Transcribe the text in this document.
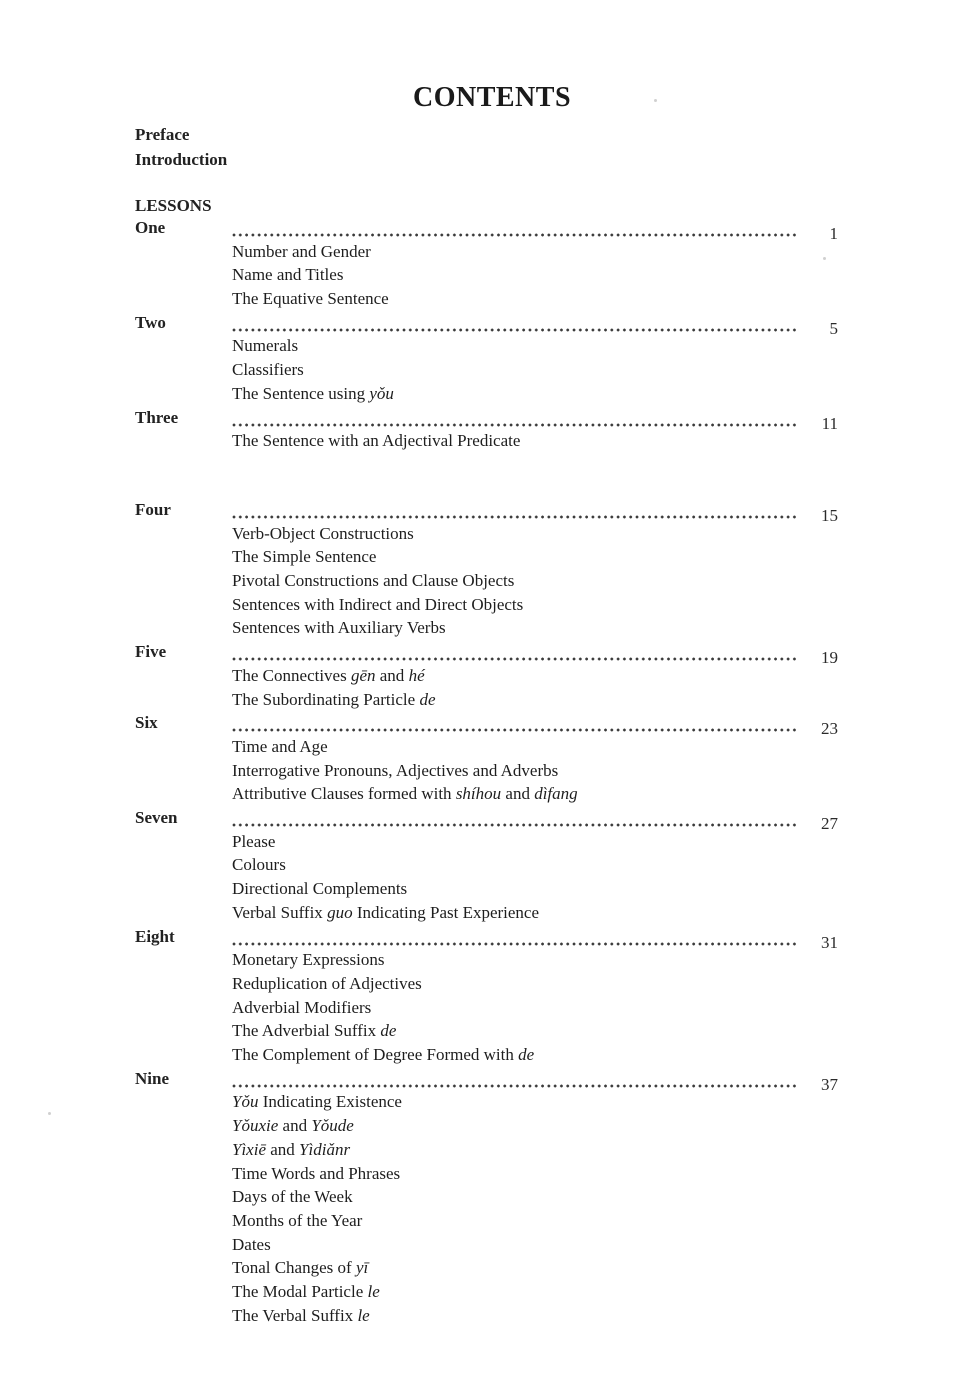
CONTENTS
Preface
Introduction
LESSONS
One	1
Number and Gender
Name and Titles
The Equative Sentence
Two	5
Numerals
Classifiers
The Sentence using yǒu
Three	11
The Sentence with an Adjectival Predicate
Four	15
Verb-Object Constructions
The Simple Sentence
Pivotal Constructions and Clause Objects
Sentences with Indirect and Direct Objects
Sentences with Auxiliary Verbs
Five	19
The Connectives gēn and hé
The Subordinating Particle de
Six	23
Time and Age
Interrogative Pronouns, Adjectives and Adverbs
Attributive Clauses formed with shíhou and dìfang
Seven	27
Please
Colours
Directional Complements
Verbal Suffix guo Indicating Past Experience
Eight	31
Monetary Expressions
Reduplication of Adjectives
Adverbial Modifiers
The Adverbial Suffix de
The Complement of Degree Formed with de
Nine	37
Yǒu Indicating Existence
Yǒuxie and Yǒude
Yìxiē and Yìdiǎnr
Time Words and Phrases
Days of the Week
Months of the Year
Dates
Tonal Changes of yī
The Modal Particle le
The Verbal Suffix le
